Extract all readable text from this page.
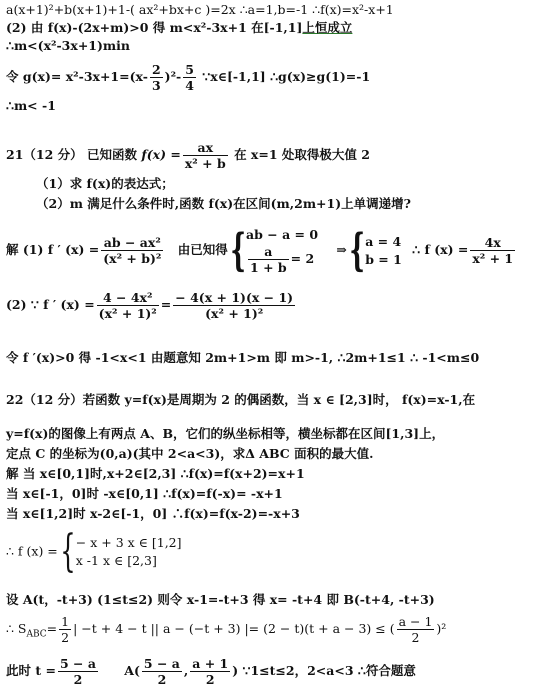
a(x+1)²+b(x+1)+1-( ax²+bx+c )=2x ∴a=1,b=-1 ∴f(x)=x²-x+1
(2) 由 f(x)-(2x+m)>0 得 m<x²-3x+1 在[-1,1]上恒成立
∴m<(x²-3x+1)min
令 $g(x)= x^2-3x+1=(x- \frac{2}{3} )^2- \frac{5}{4}$ ∵x∈[-1,1] ∴g(x)≥g(1)=-1
∴m< -1
21（12 分） 已知函数 $f(x) = \frac{ax}{\text{x² + b}}$ 在 x=1 处取得极大值 2
（1）求 f(x)的表达式；
（2）m 满足什么条件时,函数 f(x)在区间(m,2m+1)上单调递增?
解 (1) f ′ $(x) = \frac{\text{ab − ax²}}{\text{(x² + b)²}}$ 由已知得{ ab − a = 0
$\frac{a}{1 + b} = 2$
⇒{ a = 4
b = 1
∴ f $(x) = \frac{4x}{\text{x² + 1}}$
(2) ∵ f ′ $(x) = \frac{\text{4 − 4x²}}{\text{(x² + 1)²}} = \frac{- 4(x + 1)(x - 1)}{\text{(x² + 1)²}}$
令 f ′(x)>0 得 -1<x<1 由题意知 2m+1>m 即 m>-1, ∴2m+1≤1 ∴ -1<m≤0
22（12 分）若函数 y=f(x)是周期为 2 的偶函数，当 x ∈ [2,3]时， f(x)=x-1,在
y=f(x)的图像上有两点 A、B，它们的纵坐标相等，横坐标都在区间[1,3]上，
定点 C 的坐标为(0,a)(其中 2<a<3)，求Δ ABC 面积的最大值.
解 当 x∈[0,1]时,x+2∈[2,3] ∴f(x)=f(x+2)=x+1
当 x∈[-1，0]时 -x∈[0,1] ∴f(x)=f(-x)= -x+1
当 x∈[1,2]时 x-2∈[-1，0] ∴f(x)=f(x-2)=-x+3
∴ f (x) ={ − x + 3 x ∈ [1,2]
x -1 x ∈ [2,3]
设 A(t，-t+3) (1≤t≤2) 则令 x-1=-t+3 得 x= -t+4 即 B(-t+4, -t+3)
∴ $S_{ABC}= \frac{1}{2}$ | −t + 4 − t || a − (−t + 3) |= (2 − t)(t + a − 3) ≤ ( $\frac{a - 1}{2} )^2$
此时 $t = \frac{5 - a}{2} A( \frac{5 - a}{2}$ , $\frac{a + 1}{2}$ ) ∵1≤t≤2，2<a<3 ∴符合题意
